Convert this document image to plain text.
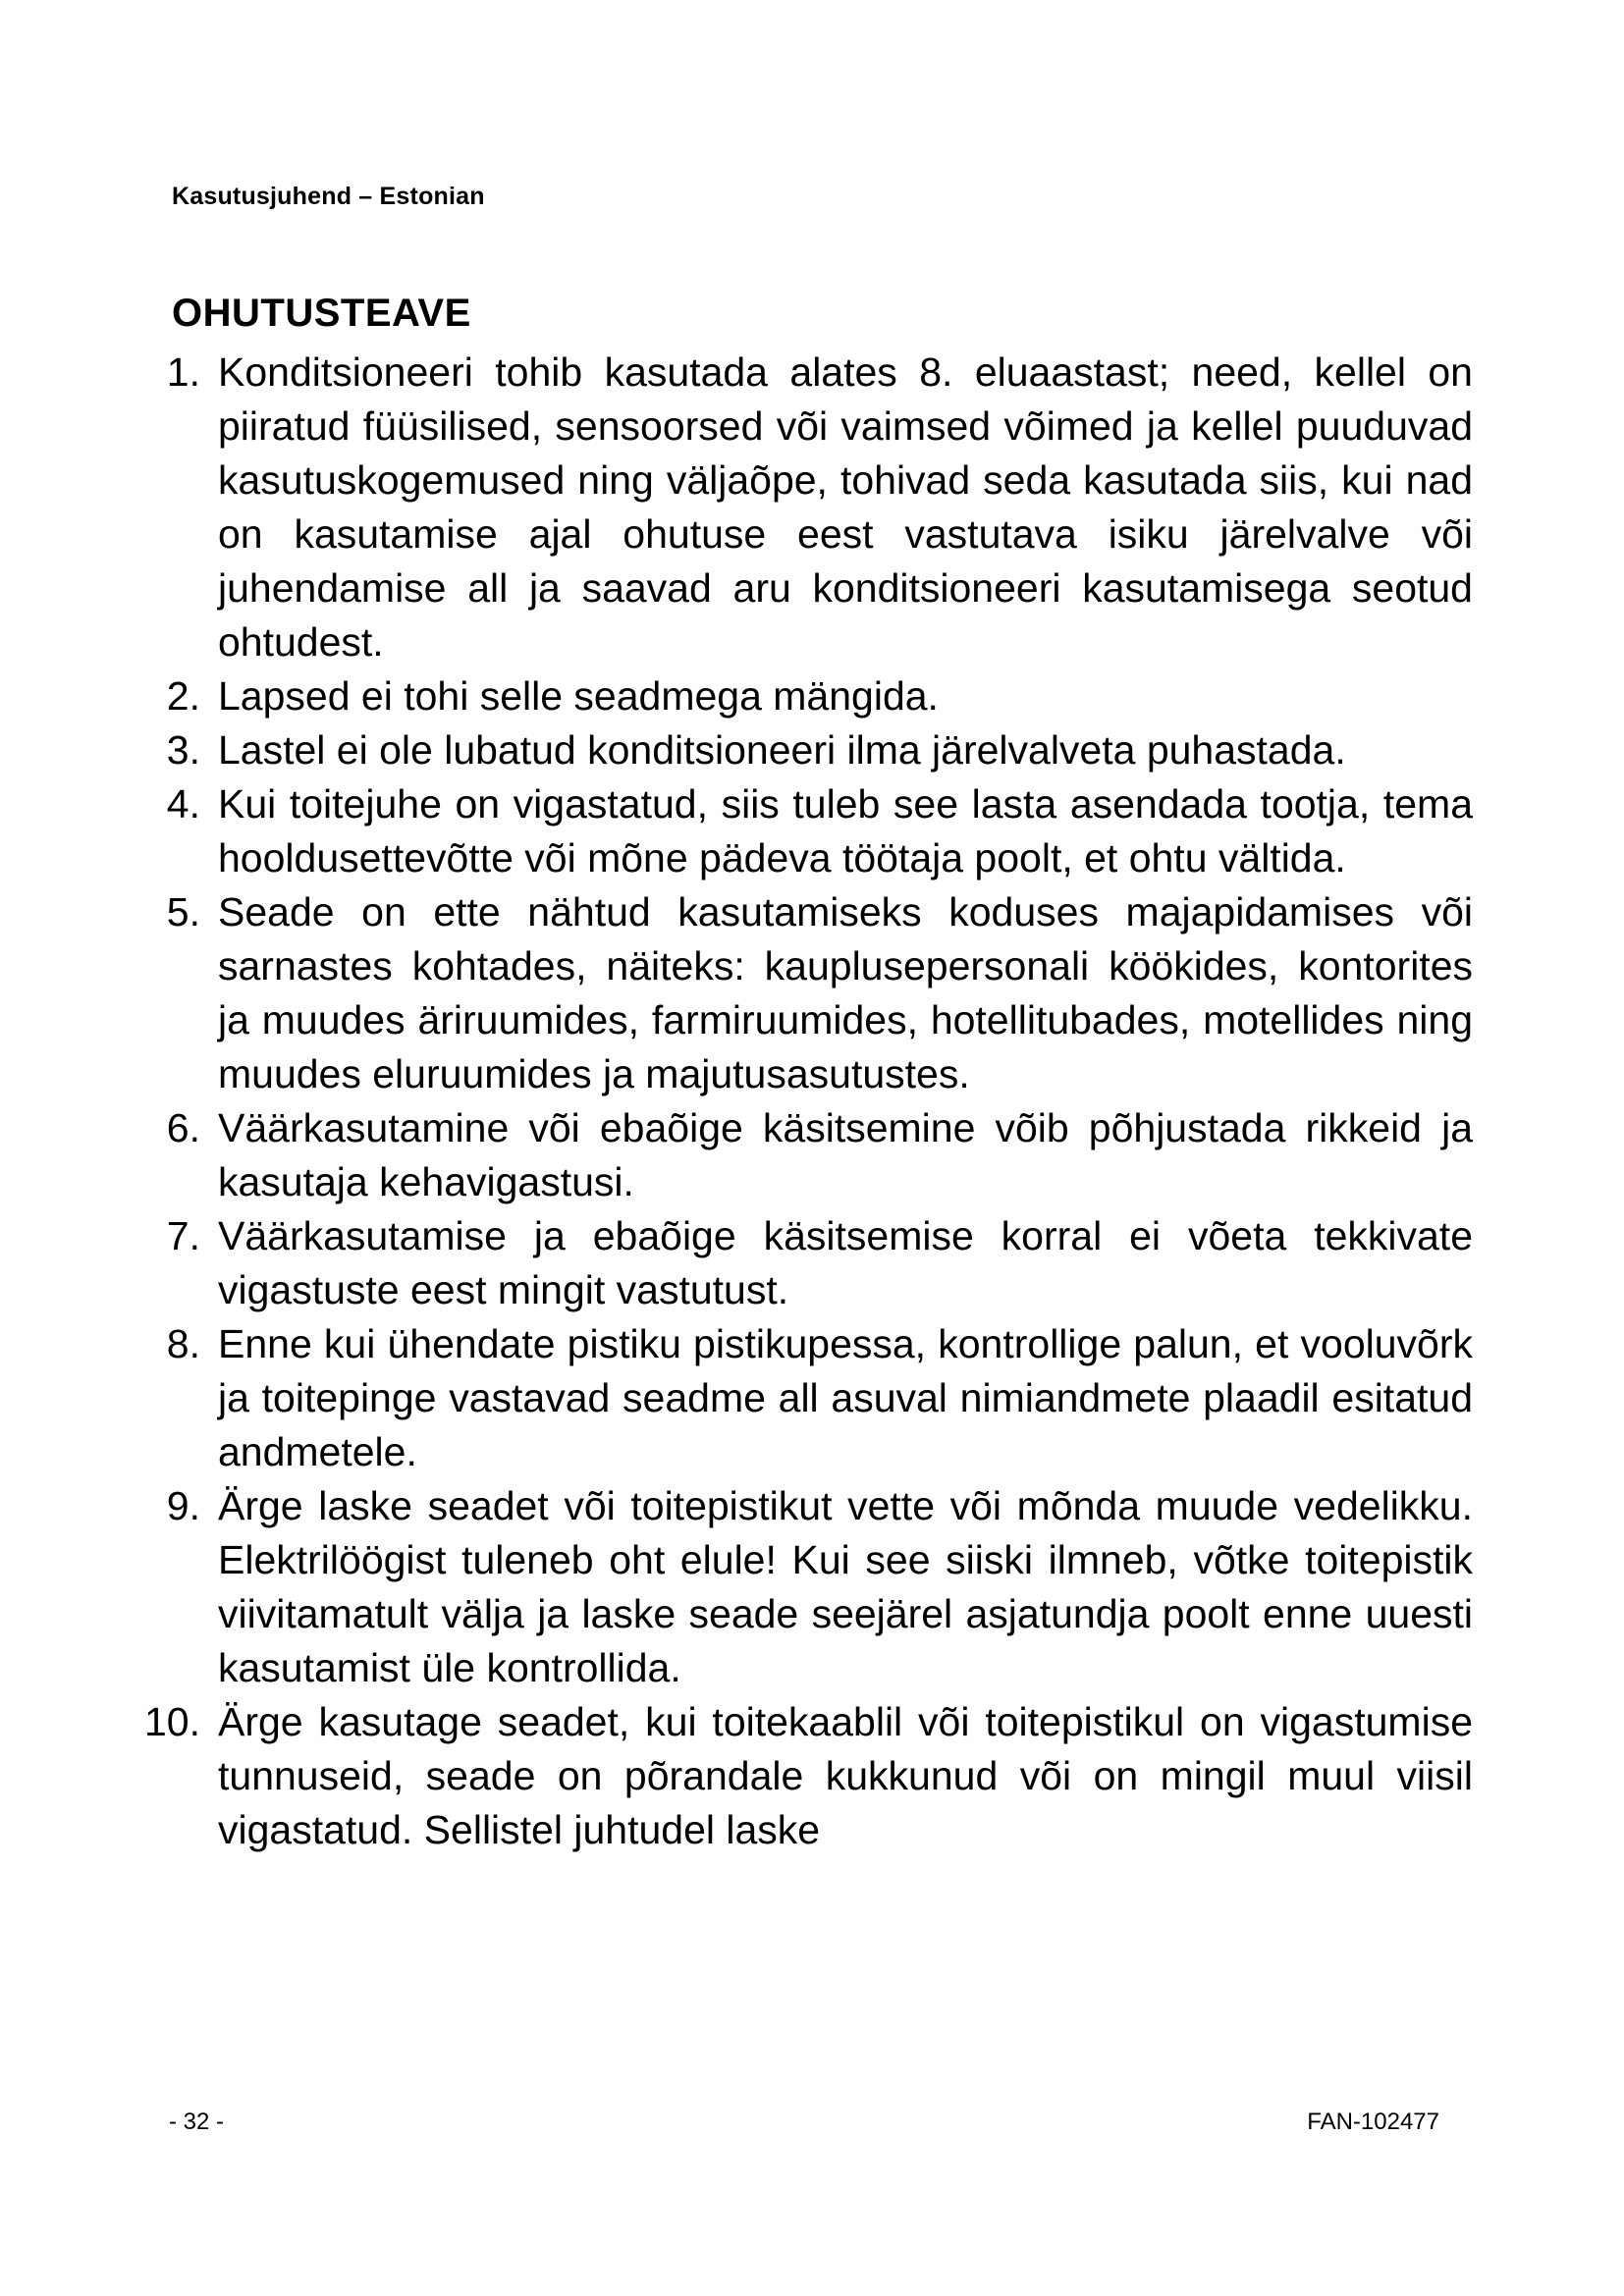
Kasutusjuhend – Estonian
OHUTUSTEAVE
1. Konditsioneeri tohib kasutada alates 8. eluaastast; need, kellel on piiratud füüsilised, sensoorsed või vaimsed võimed ja kellel puuduvad kasutuskogemused ning väljaõpe, tohivad seda kasutada siis, kui nad on kasutamise ajal ohutuse eest vastutava isiku järelvalve või juhendamise all ja saavad aru konditsioneeri kasutamisega seotud ohtudest.
2. Lapsed ei tohi selle seadmega mängida.
3. Lastel ei ole lubatud konditsioneeri ilma järelvalveta puhastada.
4. Kui toitejuhe on vigastatud, siis tuleb see lasta asendada tootja, tema hooldusettevõtte või mõne pädeva töötaja poolt, et ohtu vältida.
5. Seade on ette nähtud kasutamiseks koduses majapidamises või sarnastes kohtades, näiteks: kauplusepersonali köökides, kontorites ja muudes äriruumides, farmiruumides, hotellitubades, motellides ning muudes eluruumides ja majutusasutustes.
6. Väärkasutamine või ebaõige käsitsemine võib põhjustada rikkeid ja kasutaja kehavigastusi.
7. Väärkasutamise ja ebaõige käsitsemise korral ei võeta tekkivate vigastuste eest mingit vastutust.
8. Enne kui ühendate pistiku pistikupessa, kontrollige palun, et vooluvõrk ja toitepinge vastavad seadme all asuval nimiandmete plaadil esitatud andmetele.
9. Ärge laske seadet või toitepistikut vette või mõnda muude vedelikku. Elektrilöögist tuleneb oht elule! Kui see siiski ilmneb, võtke toitepistik viivitamatult välja ja laske seade seejärel asjatundja poolt enne uuesti kasutamist üle kontrollida.
10. Ärge kasutage seadet, kui toitekaablil või toitepistikul on vigastumise tunnuseid, seade on põrandale kukkunud või on mingil muul viisil vigastatud. Sellistel juhtudel laske
- 32 -	FAN-102477
